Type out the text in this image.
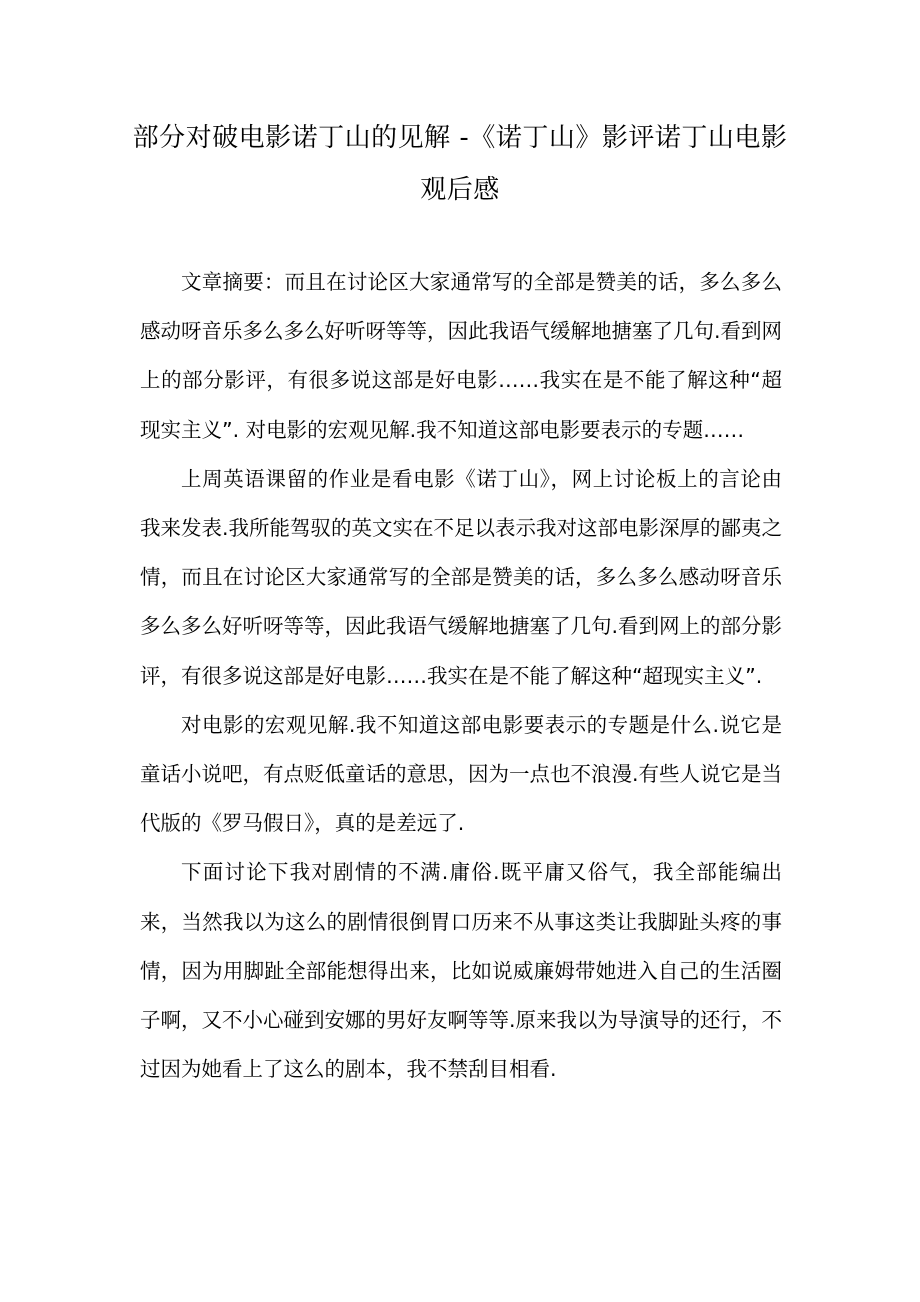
部分对破电影诺丁山的见解 -《诺丁山》影评诺丁山电影观后感

文章摘要：而且在讨论区大家通常写的全部是赞美的话，多么多么感动呀音乐多么多么好听呀等等，因此我语气缓解地搪塞了几句.看到网上的部分影评，有很多说这部是好电影……我实在是不能了解这种“超现实主义”. 对电影的宏观见解.我不知道这部电影要表示的专题……

上周英语课留的作业是看电影《诺丁山》，网上讨论板上的言论由我来发表.我所能驾驭的英文实在不足以表示我对这部电影深厚的鄙夷之情，而且在讨论区大家通常写的全部是赞美的话，多么多么感动呀音乐多么多么好听呀等等，因此我语气缓解地搪塞了几句.看到网上的部分影评，有很多说这部是好电影……我实在是不能了解这种“超现实主义”.

对电影的宏观见解.我不知道这部电影要表示的专题是什么.说它是童话小说吧，有点贬低童话的意思，因为一点也不浪漫.有些人说它是当代版的《罗马假日》，真的是差远了.

下面讨论下我对剧情的不满.庸俗.既平庸又俗气，我全部能编出来，当然我以为这么的剧情很倒胃口历来不从事这类让我脚趾头疼的事情，因为用脚趾全部能想得出来，比如说威廉姆带她进入自己的生活圈子啊，又不小心碰到安娜的男好友啊等等.原来我以为导演导的还行，不过因为她看上了这么的剧本，我不禁刮目相看.
